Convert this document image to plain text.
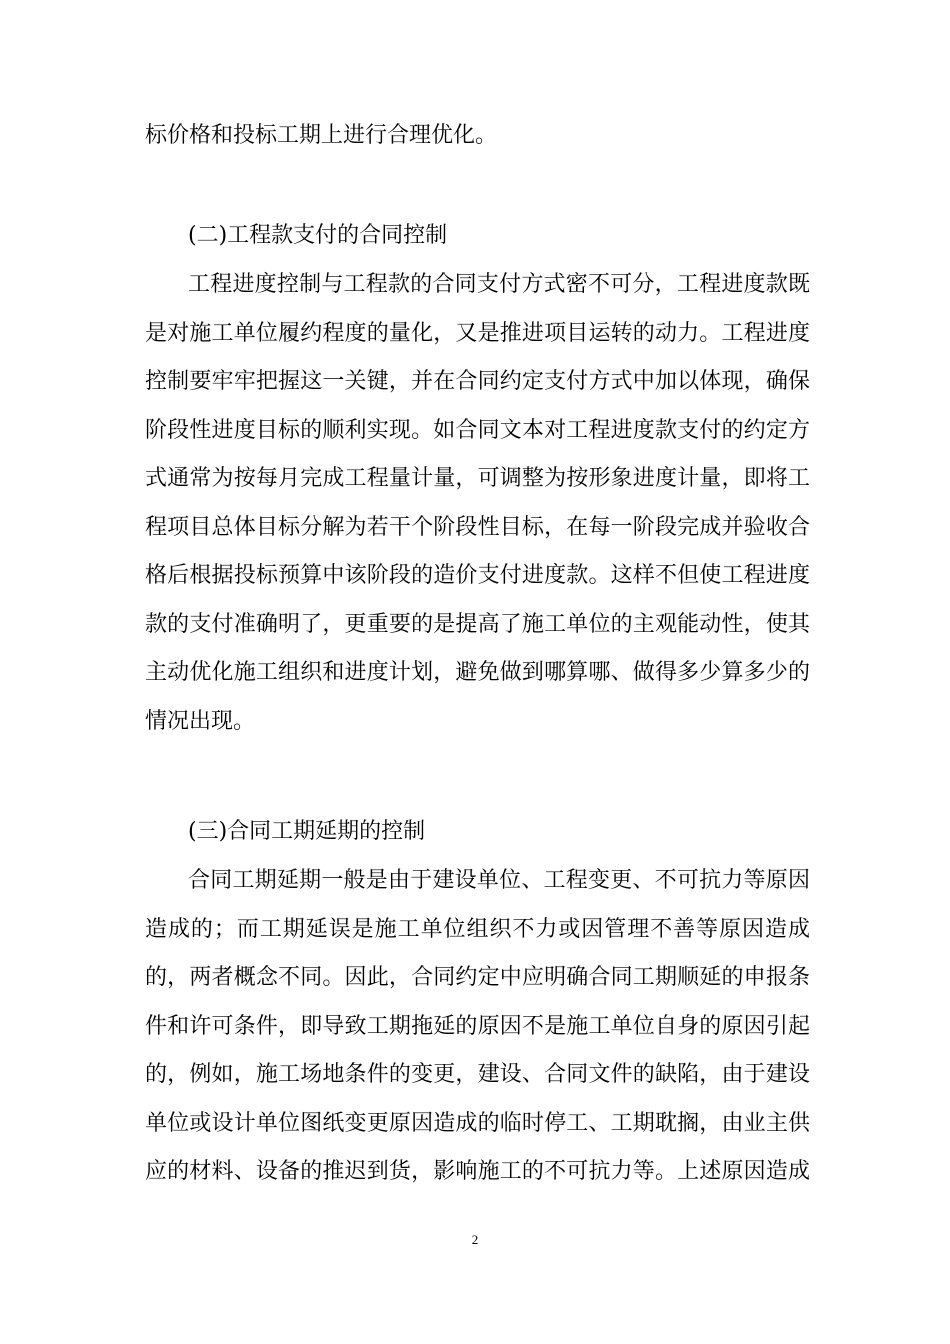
标价格和投标工期上进行合理优化。
(二)工程款支付的合同控制
工程进度控制与工程款的合同支付方式密不可分，工程进度款既
是对施工单位履约程度的量化，又是推进项目运转的动力。工程进度
控制要牢牢把握这一关键，并在合同约定支付方式中加以体现，确保
阶段性进度目标的顺利实现。如合同文本对工程进度款支付的约定方
式通常为按每月完成工程量计量，可调整为按形象进度计量，即将工
程项目总体目标分解为若干个阶段性目标，在每一阶段完成并验收合
格后根据投标预算中该阶段的造价支付进度款。这样不但使工程进度
款的支付准确明了，更重要的是提高了施工单位的主观能动性，使其
主动优化施工组织和进度计划，避免做到哪算哪、做得多少算多少的
情况出现。
(三)合同工期延期的控制
合同工期延期一般是由于建设单位、工程变更、不可抗力等原因
造成的；而工期延误是施工单位组织不力或因管理不善等原因造成
的，两者概念不同。因此，合同约定中应明确合同工期顺延的申报条
件和许可条件，即导致工期拖延的原因不是施工单位自身的原因引起
的，例如，施工场地条件的变更，建设、合同文件的缺陷，由于建设
单位或设计单位图纸变更原因造成的临时停工、工期耽搁，由业主供
应的材料、设备的推迟到货，影响施工的不可抗力等。上述原因造成
2
